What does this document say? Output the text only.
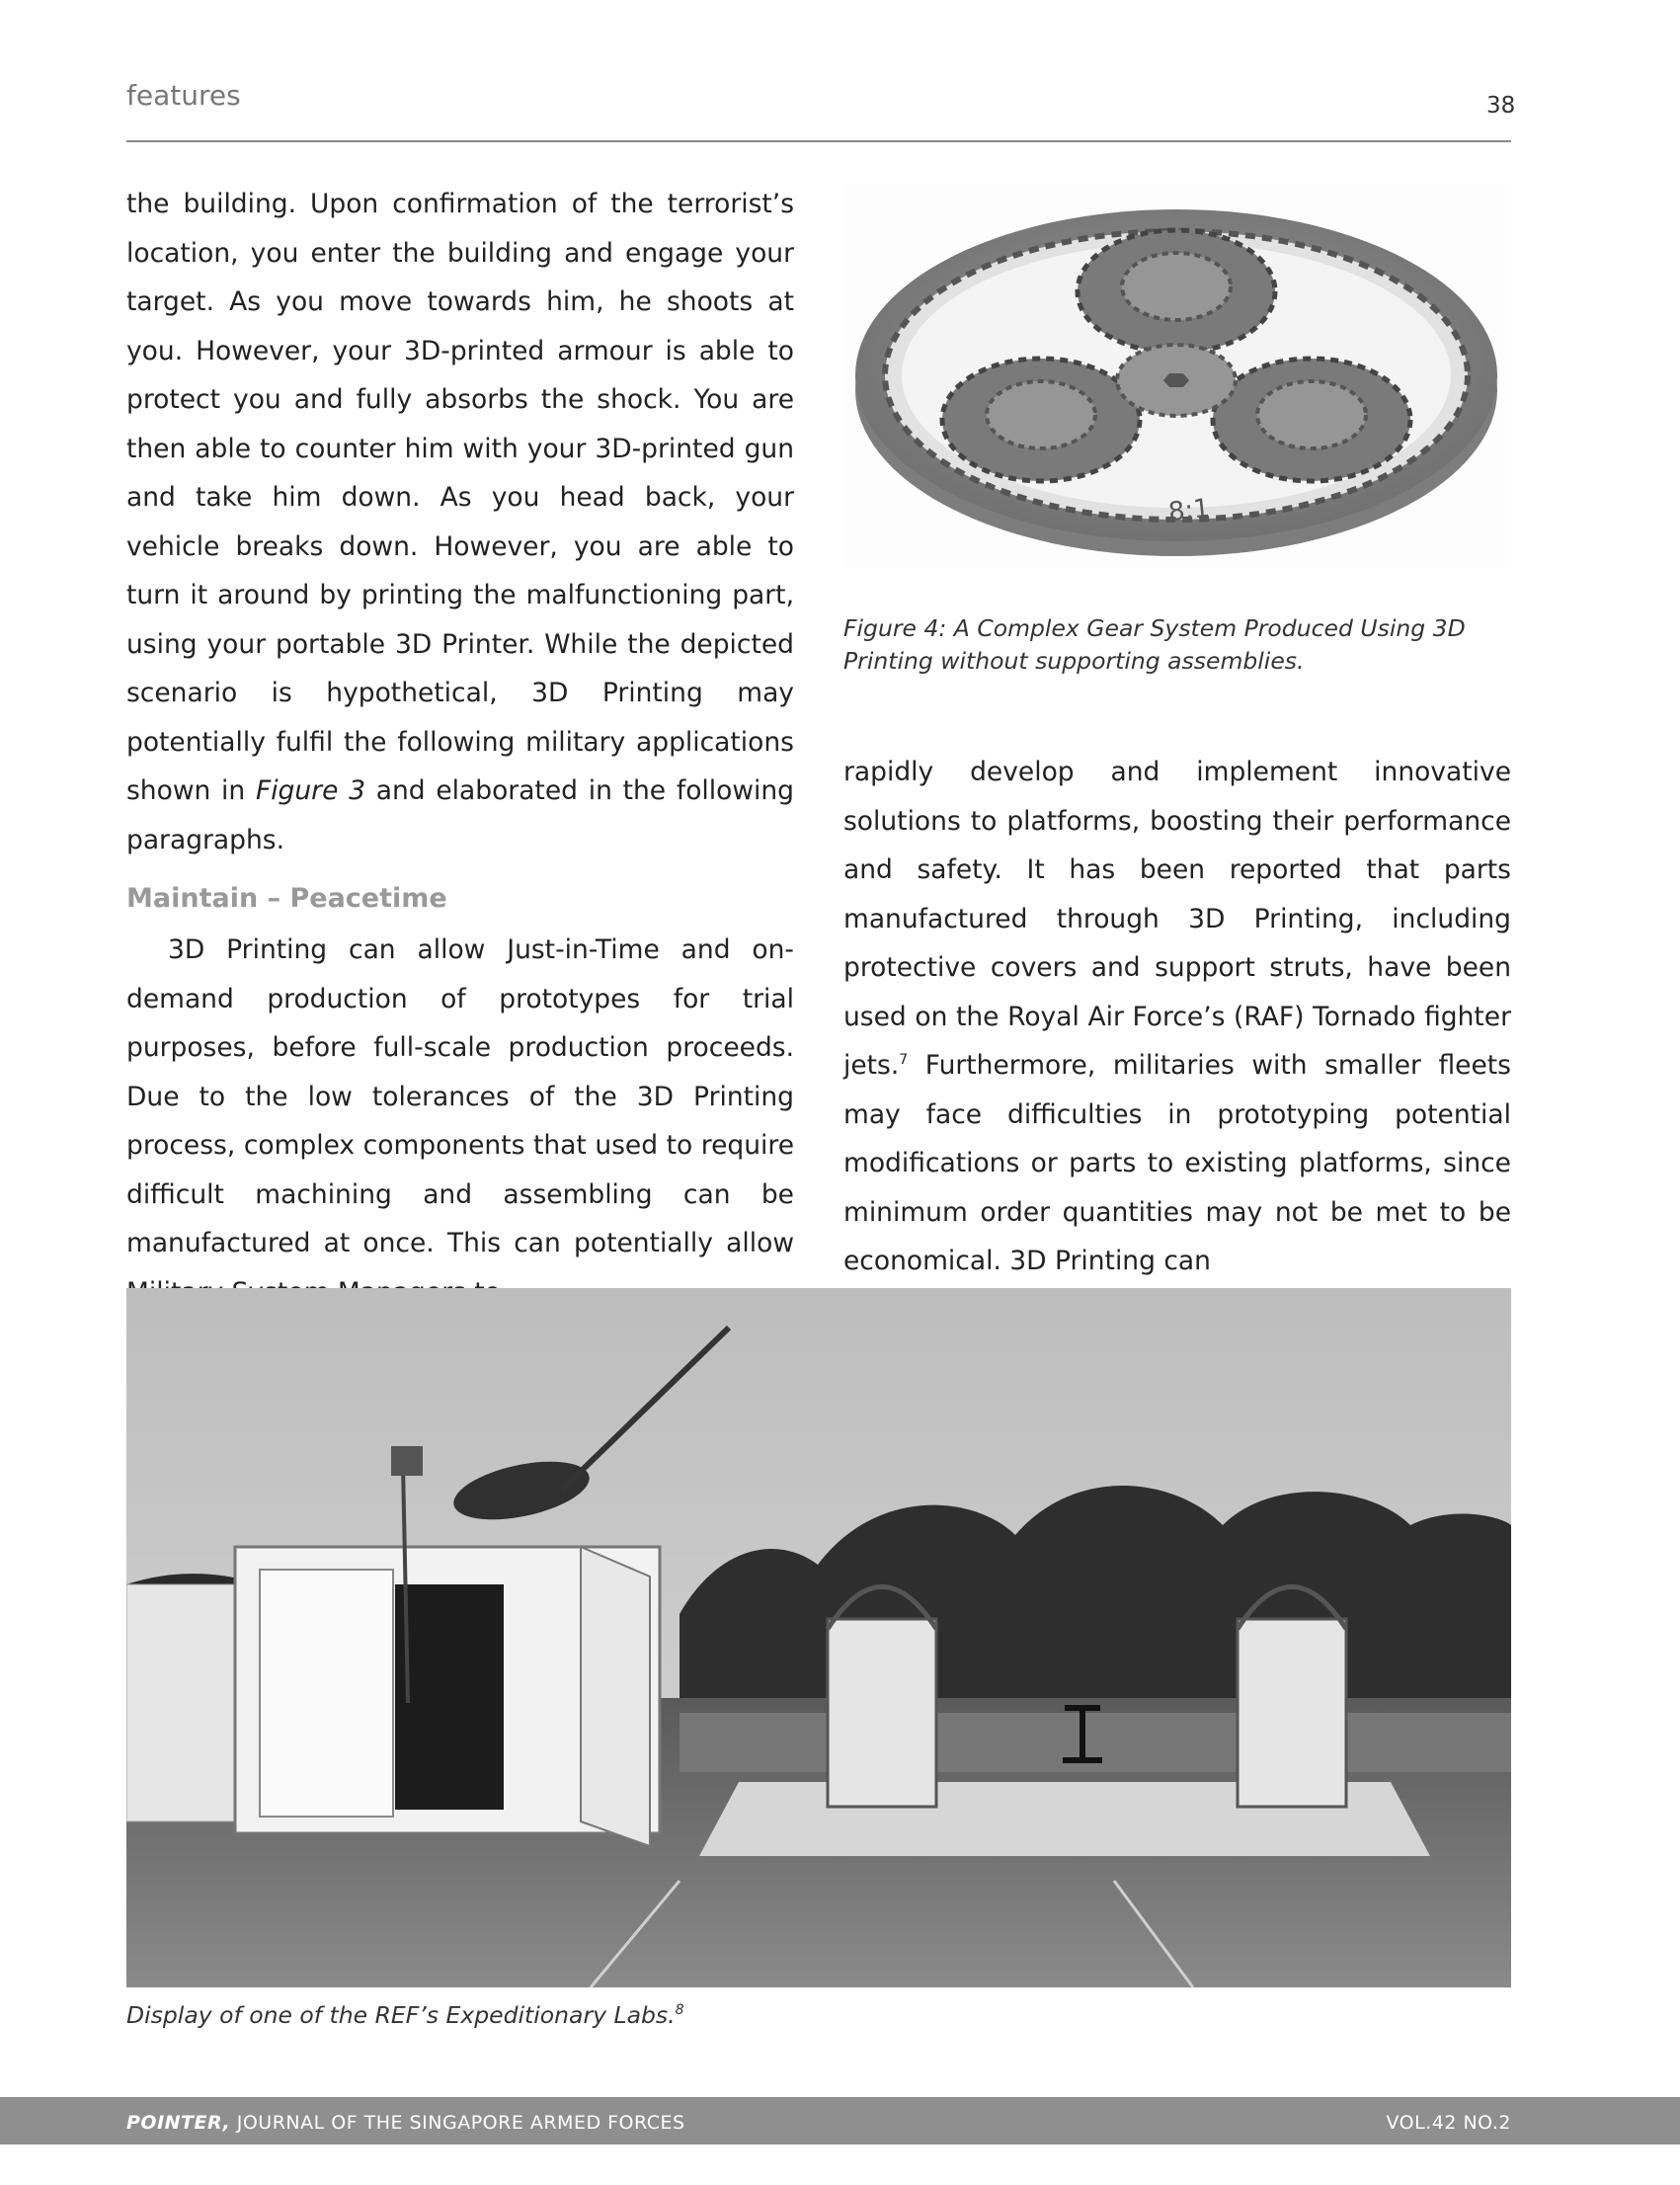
features	38

the building. Upon confirmation of the terrorist’s location, you enter the building and engage your target. As you move towards him, he shoots at you. However, your 3D-printed armour is able to protect you and fully absorbs the shock. You are then able to counter him with your 3D-printed gun and take him down. As you head back, your vehicle breaks down. However, you are able to turn it around by printing the malfunctioning part, using your portable 3D Printer. While the depicted scenario is hypothetical, 3D Printing may potentially fulfil the following military applications shown in Figure 3 and elaborated in the following paragraphs.

Maintain – Peacetime

3D Printing can allow Just-in-Time and on-demand production of prototypes for trial purposes, before full-scale production proceeds. Due to the low tolerances of the 3D Printing process, complex components that used to require difficult machining and assembling can be manufactured at once. This can potentially allow

8:1
Figure 4: A Complex Gear System Produced Using 3D Printing without supporting assemblies.

rapidly develop and implement innovative solutions to platforms, boosting their performance and safety. It has been reported that parts manufactured through 3D Printing, including protective covers and support struts, have been used on the Royal Air Force’s (RAF) Tornado fighter jets.$^7$ Furthermore, militaries with smaller fleets may face difficulties in prototyping potential modifications or parts to existing platforms, since minimum order quantities may not be met to be economical. 3D Printing can

Display of one of the REF’s Expeditionary Labs.$^8$
POINTER, JOURNAL OF THE SINGAPORE ARMED FORCES	VOL.42 NO.2
